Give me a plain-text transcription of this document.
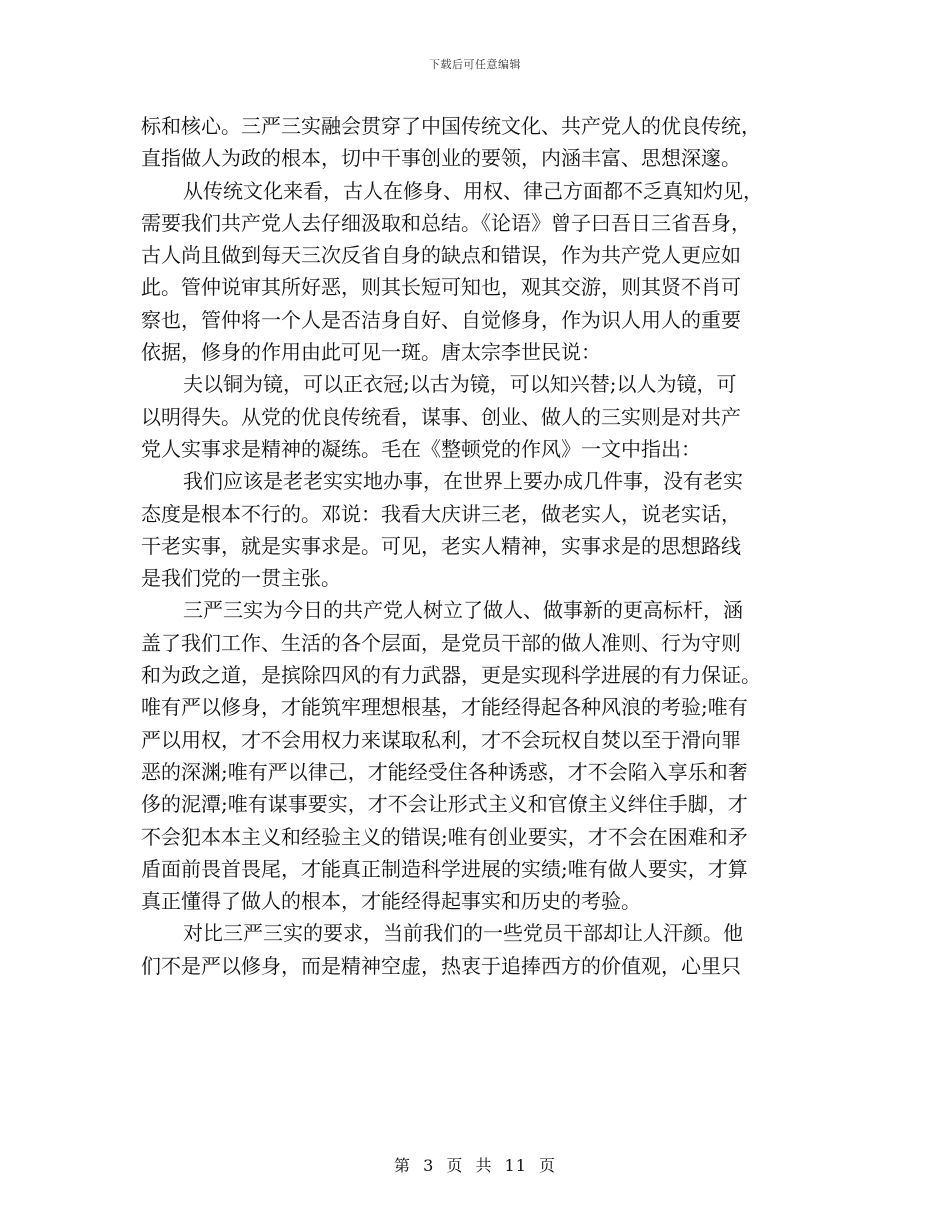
下载后可任意编辑
标和核心。三严三实融会贯穿了中国传统文化、共产党人的优良传统，
直指做人为政的根本，切中干事创业的要领，内涵丰富、思想深邃。
从传统文化来看，古人在修身、用权、律己方面都不乏真知灼见，
需要我们共产党人去仔细汲取和总结。《论语》曾子曰吾日三省吾身，
古人尚且做到每天三次反省自身的缺点和错误，作为共产党人更应如
此。管仲说审其所好恶，则其长短可知也，观其交游，则其贤不肖可
察也，管仲将一个人是否洁身自好、自觉修身，作为识人用人的重要
依据，修身的作用由此可见一斑。唐太宗李世民说：
夫以铜为镜，可以正衣冠;以古为镜，可以知兴替;以人为镜，可
以明得失。从党的优良传统看，谋事、创业、做人的三实则是对共产
党人实事求是精神的凝练。毛在《整顿党的作风》一文中指出：
我们应该是老老实实地办事，在世界上要办成几件事，没有老实
态度是根本不行的。邓说：我看大庆讲三老，做老实人，说老实话，
干老实事，就是实事求是。可见，老实人精神，实事求是的思想路线
是我们党的一贯主张。
三严三实为今日的共产党人树立了做人、做事新的更高标杆，涵
盖了我们工作、生活的各个层面，是党员干部的做人准则、行为守则
和为政之道，是摈除四风的有力武器，更是实现科学进展的有力保证。
唯有严以修身，才能筑牢理想根基，才能经得起各种风浪的考验;唯有
严以用权，才不会用权力来谋取私利，才不会玩权自焚以至于滑向罪
恶的深渊;唯有严以律己，才能经受住各种诱惑，才不会陷入享乐和奢
侈的泥潭;唯有谋事要实，才不会让形式主义和官僚主义绊住手脚，才
不会犯本本主义和经验主义的错误;唯有创业要实，才不会在困难和矛
盾面前畏首畏尾，才能真正制造科学进展的实绩;唯有做人要实，才算
真正懂得了做人的根本，才能经得起事实和历史的考验。
对比三严三实的要求，当前我们的一些党员干部却让人汗颜。他
们不是严以修身，而是精神空虚，热衷于追捧西方的价值观，心里只
第 3 页 共 11 页
